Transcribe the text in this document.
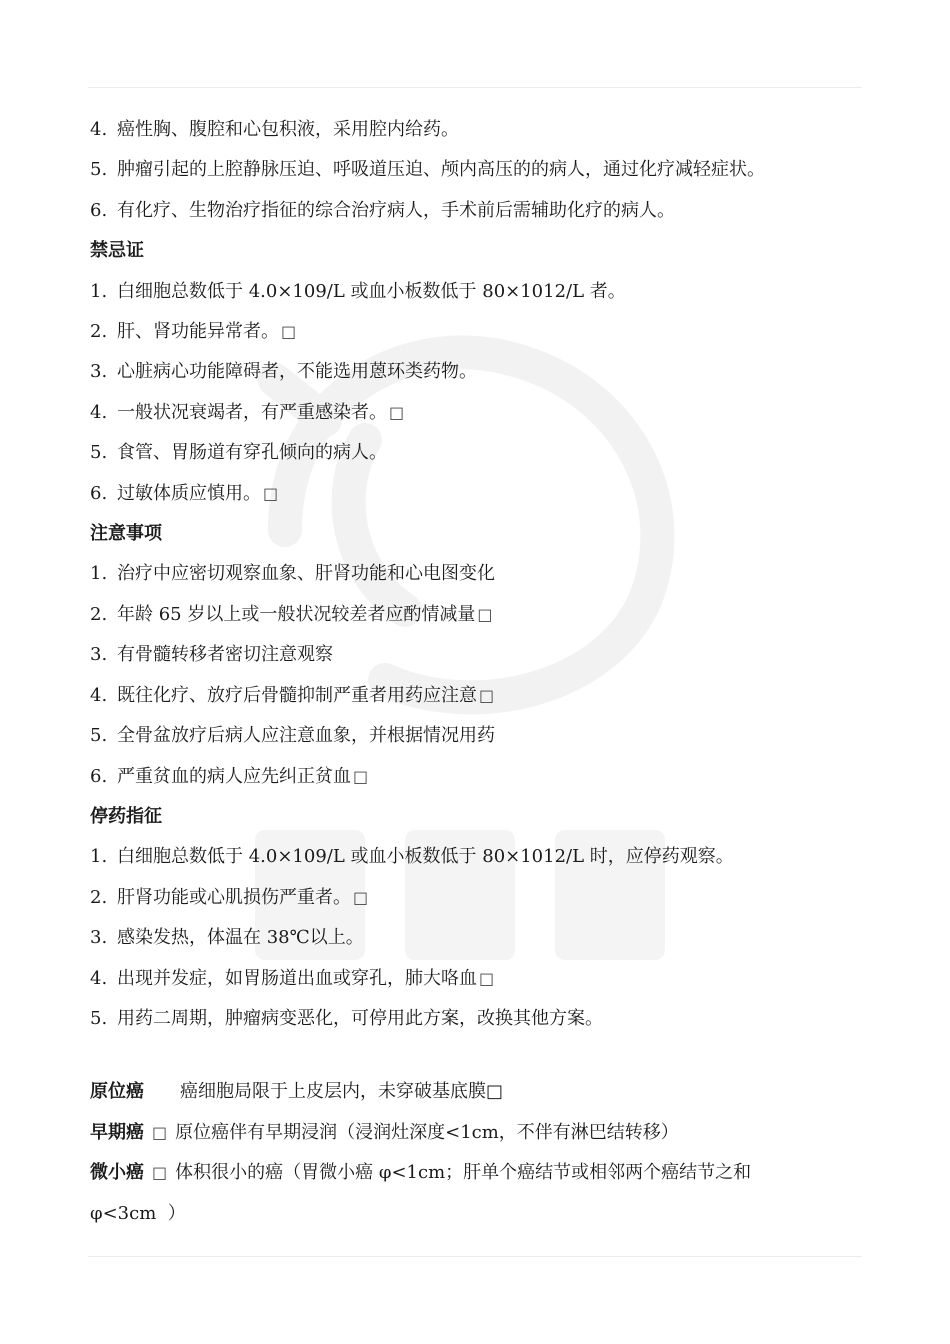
4. 癌性胸、腹腔和心包积液，采用腔内给药。
5. 肿瘤引起的上腔静脉压迫、呼吸道压迫、颅内高压的的病人，通过化疗减轻症状。
6. 有化疗、生物治疗指征的综合治疗病人，手术前后需辅助化疗的病人。
禁忌证
1. 白细胞总数低于 4.0×109/L 或血小板数低于 80×1012/L 者。
2. 肝、肾功能异常者。 □
3. 心脏病心功能障碍者，不能选用蒽环类药物。
4. 一般状况衰竭者，有严重感染者。 □
5. 食管、胃肠道有穿孔倾向的病人。
6. 过敏体质应慎用。 □
注意事项
1. 治疗中应密切观察血象、肝肾功能和心电图变化
2. 年龄 65 岁以上或一般状况较差者应酌情减量 □
3. 有骨髓转移者密切注意观察
4. 既往化疗、放疗后骨髓抑制严重者用药应注意 □
5. 全骨盆放疗后病人应注意血象，并根据情况用药
6. 严重贫血的病人应先纠正贫血 □
停药指征
1. 白细胞总数低于 4.0×109/L 或血小板数低于 80×1012/L 时，应停药观察。
2. 肝肾功能或心肌损伤严重者。 □
3. 感染发热，体温在 38℃以上。
4. 出现并发症，如胃肠道出血或穿孔，肺大咯血 □
5. 用药二周期，肿瘤病变恶化，可停用此方案，改换其他方案。
原位癌 癌细胞局限于上皮层内，未穿破基底膜□
早期癌 □ 原位癌伴有早期浸润（浸润灶深度<1cm，不伴有淋巴结转移）
微小癌 □ 体积很小的癌（胃微小癌 φ<1cm；肝单个癌结节或相邻两个癌结节之和
φ<3cm  ）
